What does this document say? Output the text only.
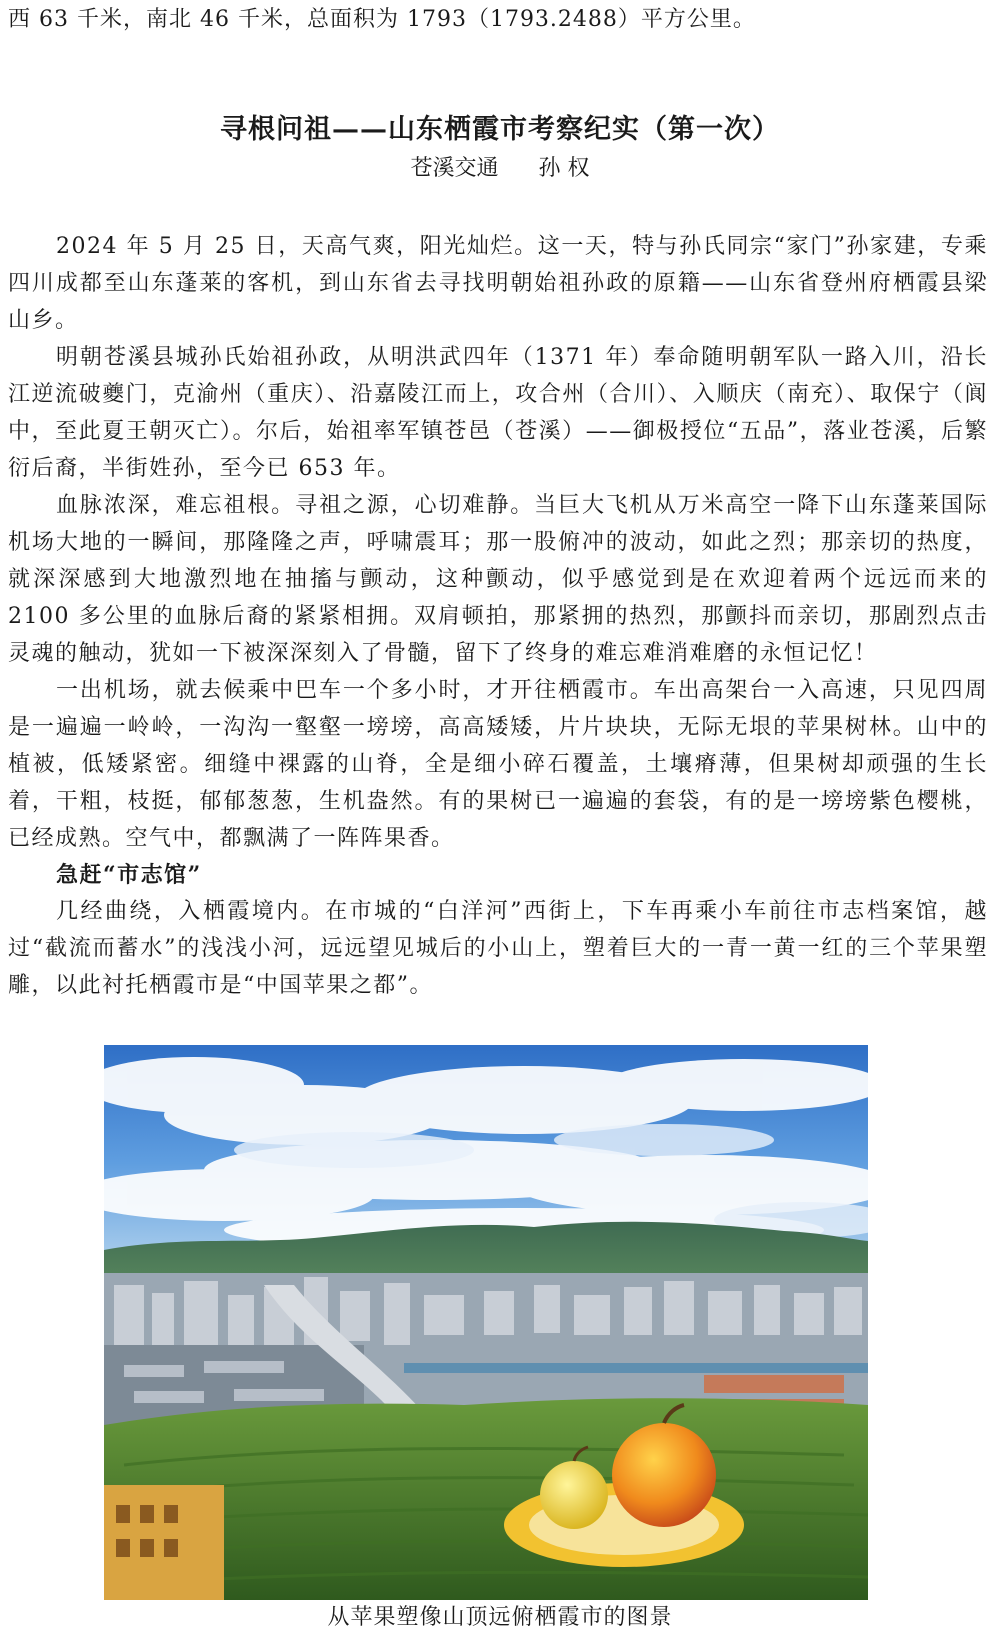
西 63 千米，南北 46 千米，总面积为 1793（1793.2488）平方公里。
寻根问祖——山东栖霞市考察纪实（第一次）
苍溪交通 孙 权

2024 年 5 月 25 日，天高气爽，阳光灿烂。这一天，特与孙氏同宗“家门”孙家建，专乘四川成都至山东蓬莱的客机，到山东省去寻找明朝始祖孙政的原籍——山东省登州府栖霞县梁山乡。

明朝苍溪县城孙氏始祖孙政，从明洪武四年（1371 年）奉命随明朝军队一路入川，沿长江逆流破夔门，克渝州（重庆）、沿嘉陵江而上，攻合州（合川）、入顺庆（南充）、取保宁（阆中，至此夏王朝灭亡）。尔后，始祖率军镇苍邑（苍溪）——御极授位“五品”，落业苍溪，后繁衍后裔，半街姓孙，至今已 653 年。

血脉浓深，难忘祖根。寻祖之源，心切难静。当巨大飞机从万米高空一降下山东蓬莱国际机场大地的一瞬间，那隆隆之声，呼啸震耳；那一股俯冲的波动，如此之烈；那亲切的热度，就深深感到大地激烈地在抽搐与颤动，这种颤动，似乎感觉到是在欢迎着两个远远而来的 2100 多公里的血脉后裔的紧紧相拥。双肩顿拍，那紧拥的热烈，那颤抖而亲切，那剧烈点击灵魂的触动，犹如一下被深深刻入了骨髓，留下了终身的难忘难消难磨的永恒记忆！

一出机场，就去候乘中巴车一个多小时，才开往栖霞市。车出高架台一入高速，只见四周是一遍遍一岭岭，一沟沟一壑壑一塝塝，高高矮矮，片片块块，无际无垠的苹果树林。山中的植被，低矮紧密。细缝中裸露的山脊，全是细小碎石覆盖，土壤瘠薄，但果树却顽强的生长着，干粗，枝挺，郁郁葱葱，生机盎然。有的果树已一遍遍的套袋，有的是一塝塝紫色樱桃，已经成熟。空气中，都飘满了一阵阵果香。

急赶“市志馆”

几经曲绕，入栖霞境内。在市城的“白洋河”西街上，下车再乘小车前往市志档案馆，越过“截流而蓄水”的浅浅小河，远远望见城后的小山上，塑着巨大的一青一黄一红的三个苹果塑雕，以此衬托栖霞市是“中国苹果之都”。

从苹果塑像山顶远俯栖霞市的图景
